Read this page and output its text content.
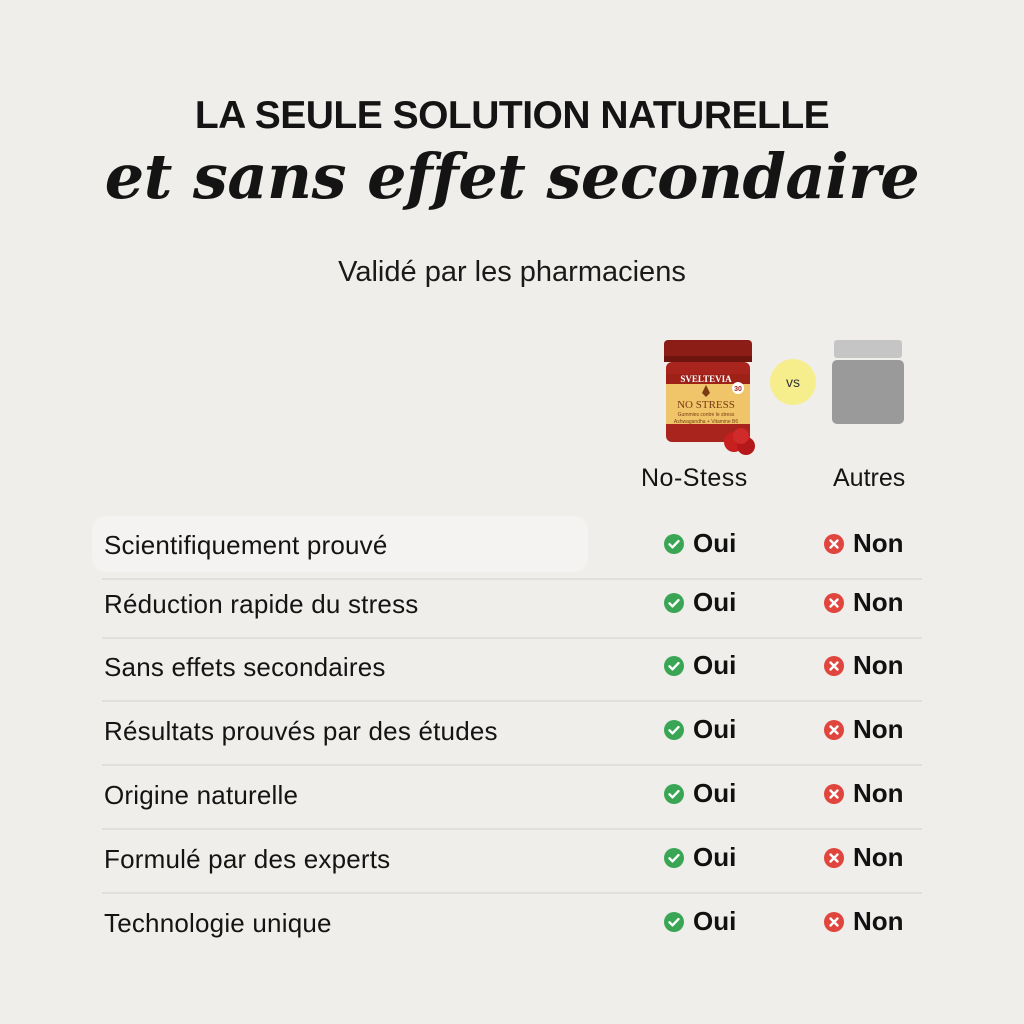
LA SEULE SOLUTION NATURELLE
et sans effet secondaire
Validé par les pharmaciens
SVELTEVIA
NO STRESS
Gummies contre le stress
Ashwagandha + Vitamine B6
30	vs
No-Stess	Autres
Scientifiquement prouvé	Oui	Non
Réduction rapide du stress	Oui	Non
Sans effets secondaires	Oui	Non
Résultats prouvés par des études	Oui	Non
Origine naturelle	Oui	Non
Formulé par des experts	Oui	Non
Technologie unique	Oui	Non
